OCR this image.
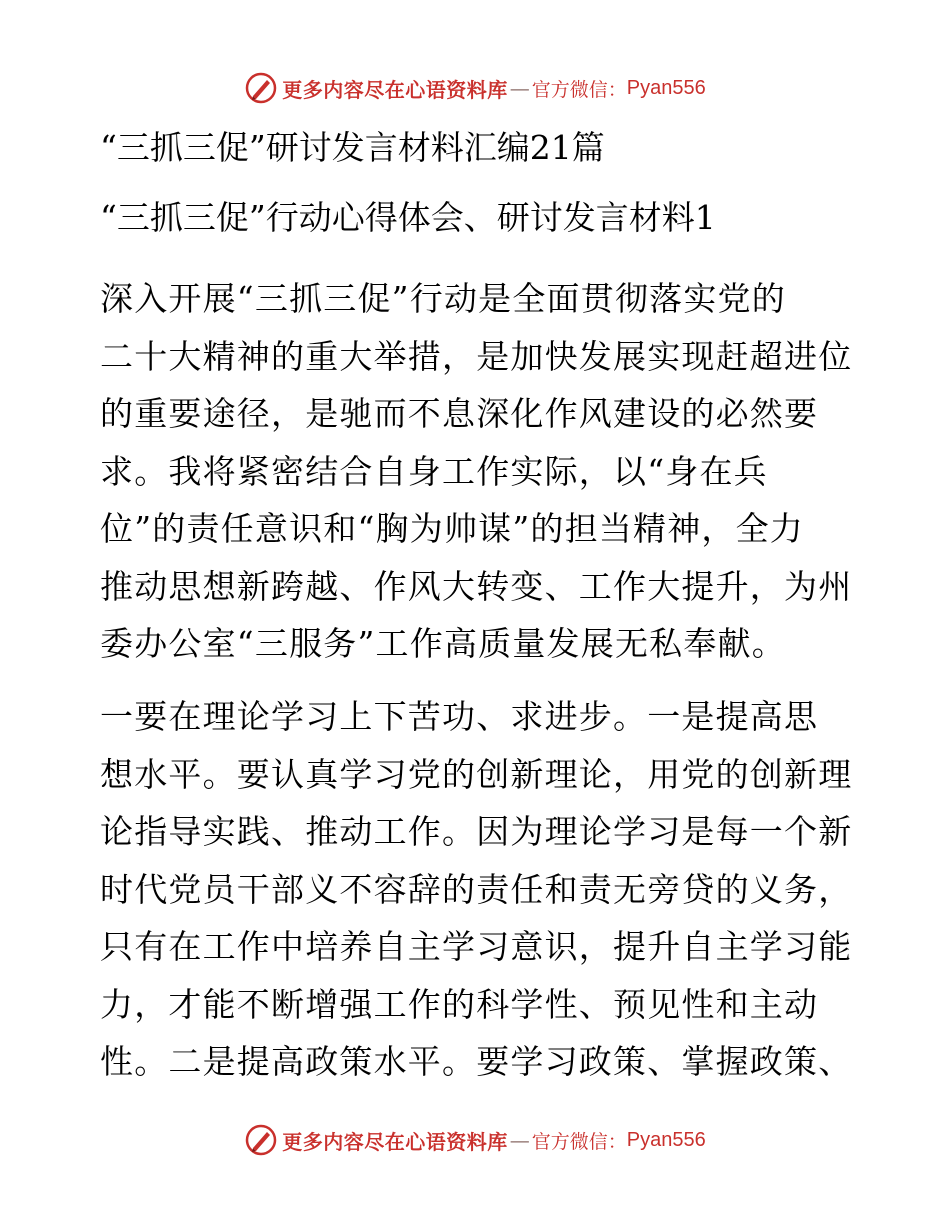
更多内容尽在心语资料库 — 官方微信： Pyan556
“三抓三促”研讨发言材料汇编21篇
“三抓三促”行动心得体会、研讨发言材料1
深入开展“三抓三促”行动是全面贯彻落实党的
二十大精神的重大举措，是加快发展实现赶超进位
的重要途径，是驰而不息深化作风建设的必然要
求。我将紧密结合自身工作实际，以“身在兵
位”的责任意识和“胸为帅谋”的担当精神，全力
推动思想新跨越、作风大转变、工作大提升，为州
委办公室“三服务”工作高质量发展无私奉献。
一要在理论学习上下苦功、求进步。一是提高思
想水平。要认真学习党的创新理论，用党的创新理
论指导实践、推动工作。因为理论学习是每一个新
时代党员干部义不容辞的责任和责无旁贷的义务，
只有在工作中培养自主学习意识，提升自主学习能
力，才能不断增强工作的科学性、预见性和主动
性。二是提高政策水平。要学习政策、掌握政策、
更多内容尽在心语资料库 — 官方微信： Pyan556
